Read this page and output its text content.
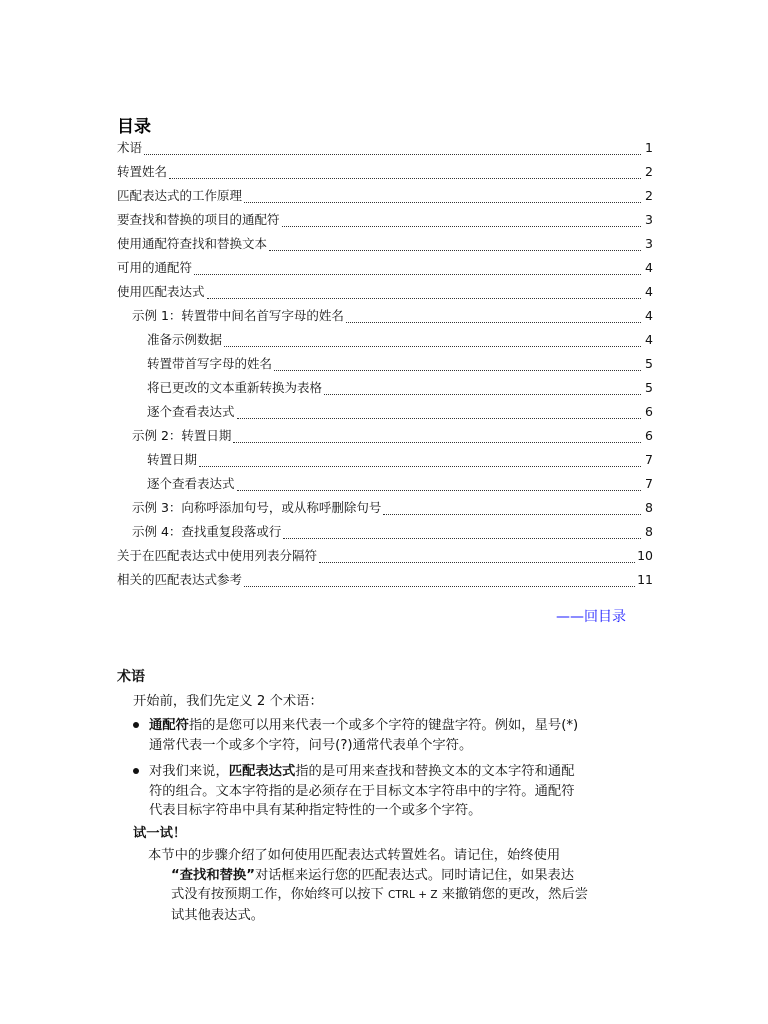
目录
术语	1
转置姓名	2
匹配表达式的工作原理	2
要查找和替换的项目的通配符	3
使用通配符查找和替换文本	3
可用的通配符	4
使用匹配表达式	4
示例 1：转置带中间名首写字母的姓名	4
准备示例数据	4
转置带首写字母的姓名	5
将已更改的文本重新转换为表格	5
逐个查看表达式	6
示例 2：转置日期	6
转置日期	7
逐个查看表达式	7
示例 3：向称呼添加句号，或从称呼删除句号	8
示例 4：查找重复段落或行	8
关于在匹配表达式中使用列表分隔符	10
相关的匹配表达式参考	11
——回目录
术语
开始前，我们先定义 2 个术语：
通配符指的是您可以用来代表一个或多个字符的键盘字符。例如，星号(*)
通常代表一个或多个字符，问号(?)通常代表单个字符。
对我们来说，匹配表达式指的是可用来查找和替换文本的文本字符和通配
符的组合。文本字符指的是必须存在于目标文本字符串中的字符。通配符
代表目标字符串中具有某种指定特性的一个或多个字符。
试一试！
本节中的步骤介绍了如何使用匹配表达式转置姓名。请记住，始终使用
“查找和替换”对话框来运行您的匹配表达式。同时请记住，如果表达
式没有按预期工作，你始终可以按下 CTRL + Z 来撤销您的更改，然后尝
试其他表达式。
